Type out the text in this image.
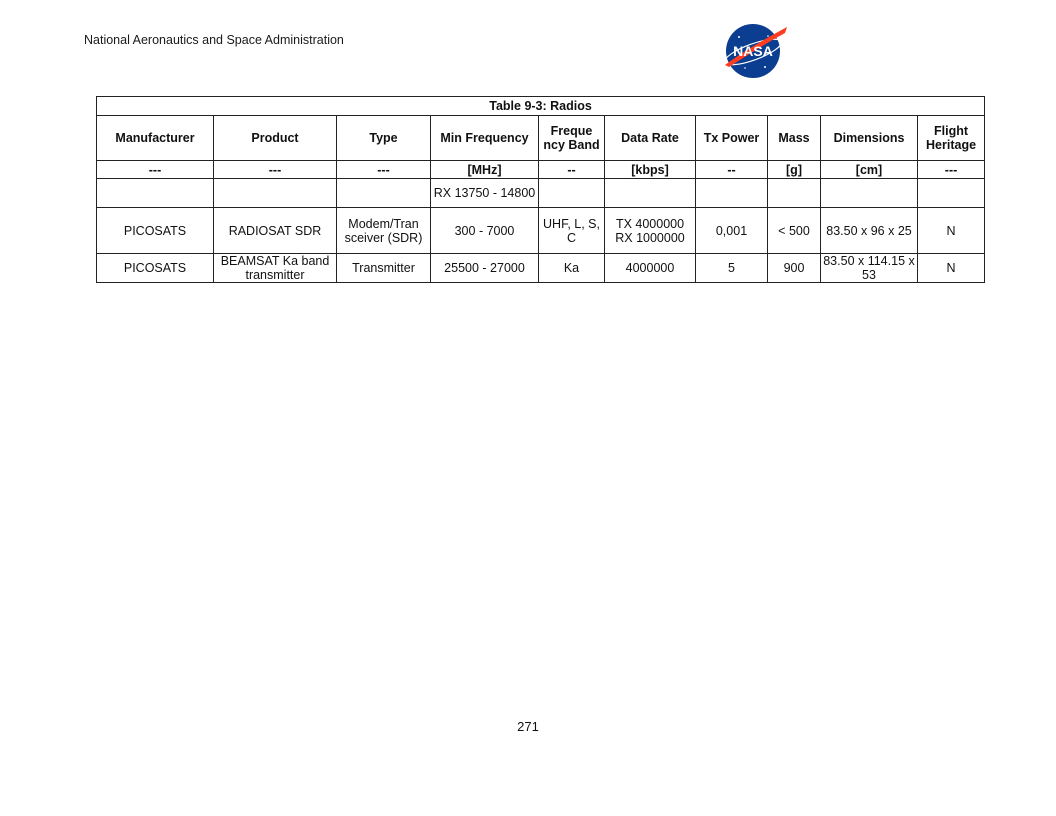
National Aeronautics and Space Administration
NASA
Table 9-3: Radios									
Manufacturer	Product	Type	Min Frequency	Freque ncy Band	Data Rate	Tx Power	Mass	Dimensions	Flight Heritage
---	---	---	[MHz]	--	[kbps]	--	[g]	[cm]	---
			RX 13750 - 14800						
PICOSATS	RADIOSAT SDR	Modem/Tran sceiver (SDR)	300 - 7000	UHF, L, S, C	TX 4000000 RX 1000000	0,001	< 500	83.50 x 96 x 25	N
PICOSATS	BEAMSAT Ka band transmitter	Transmitter	25500 - 27000	Ka	4000000	5	900	83.50 x 114.15 x 53	N
271
